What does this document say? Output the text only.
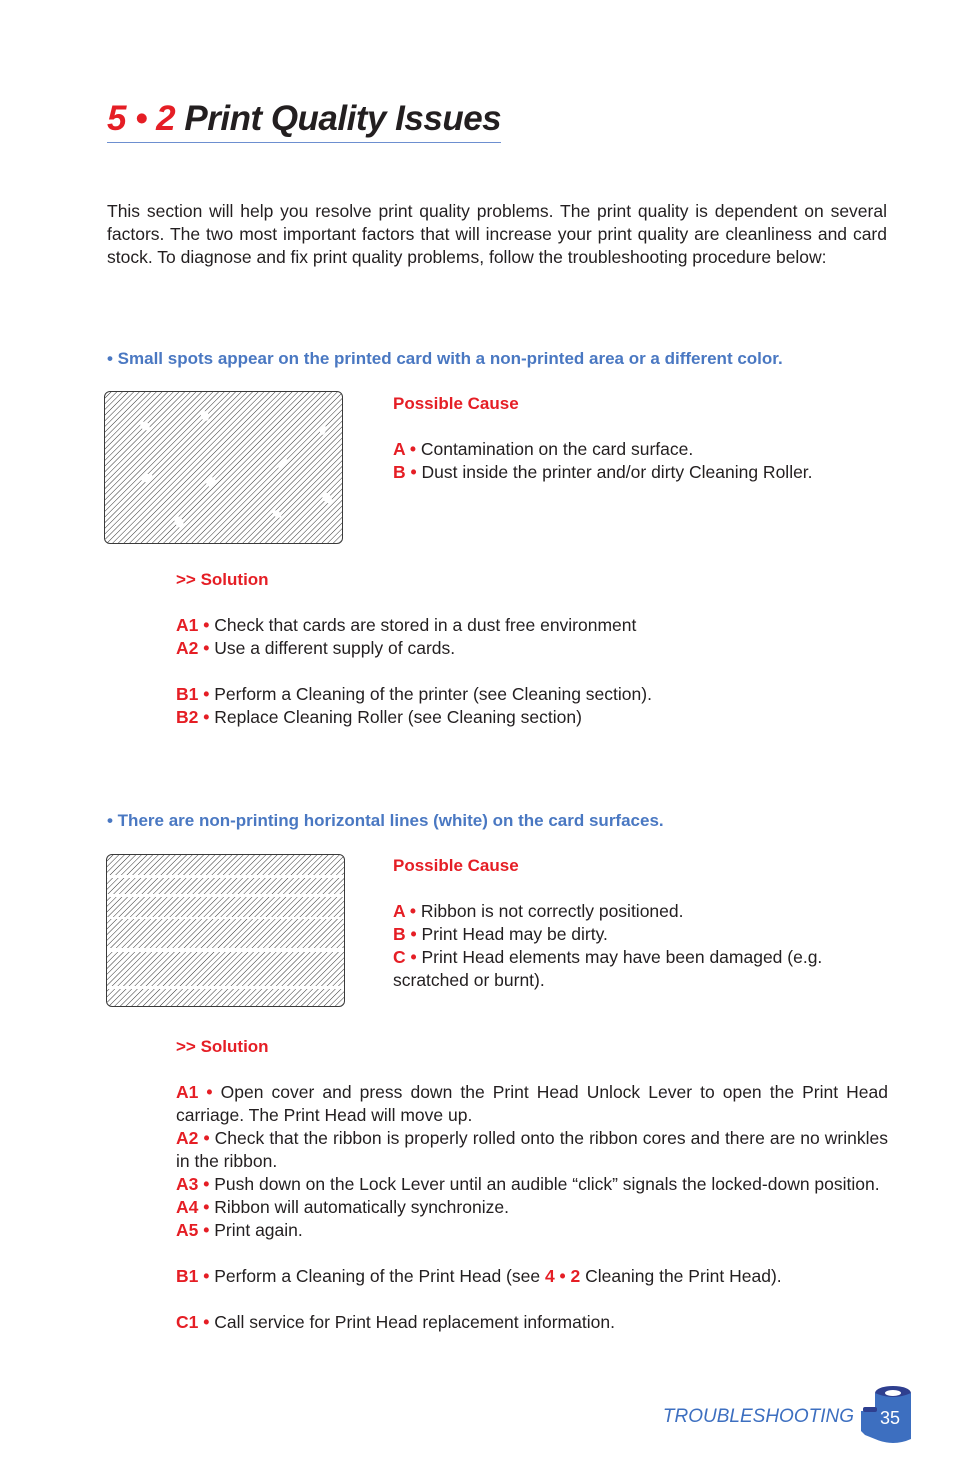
5 • 2 Print Quality Issues

This section will help you resolve print quality problems. The print quality is dependent on several factors. The two most important factors that will increase your print quality are cleanliness and card stock. To diagnose and fix print quality problems, follow the troubleshooting procedure below:

• Small spots appear on the printed card with a non-printed area or a different color.

Possible Cause

A • Contamination on the card surface.

B • Dust inside the printer and/or dirty Cleaning Roller.

>> Solution

A1 • Check that cards are stored in a dust free environment

A2 • Use a different supply of cards.

B1 • Perform a Cleaning of the printer (see Cleaning section).

B2 • Replace Cleaning Roller (see Cleaning section)

• There are non-printing horizontal lines (white) on the card surfaces.

Possible Cause

A • Ribbon is not correctly positioned.

B • Print Head may be dirty.

C • Print Head elements may have been damaged (e.g. scratched or burnt).

>> Solution

A1 • Open cover and press down the Print Head Unlock Lever to open the Print Head carriage. The Print Head will move up.

A2 • Check that the ribbon is properly rolled onto the ribbon cores and there are no wrinkles in the ribbon.

A3 • Push down on the Lock Lever until an audible “click” signals the locked-down position.

A4 • Ribbon will automatically synchronize.

A5 • Print again.

B1 • Perform a Cleaning of the Print Head (see 4 • 2 Cleaning the Print Head).

C1 • Call service for Print Head replacement information.

TROUBLESHOOTING 35
